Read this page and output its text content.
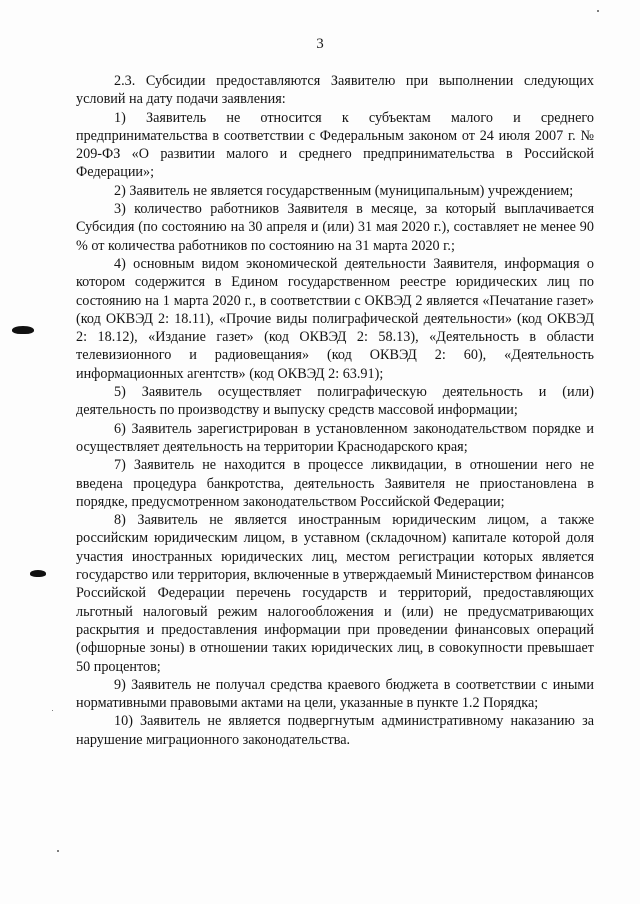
3

2.3. Субсидии предоставляются Заявителю при выполнении следующих условий на дату подачи заявления:

1) Заявитель не относится к субъектам малого и среднего предпринимательства в соответствии с Федеральным законом от 24 июля 2007 г. № 209-ФЗ «О развитии малого и среднего предпринимательства в Российской Федерации»;

2) Заявитель не является государственным (муниципальным) учреждением;

3) количество работников Заявителя в месяце, за который выплачивается Субсидия (по состоянию на 30 апреля и (или) 31 мая 2020 г.), составляет не менее 90 % от количества работников по состоянию на 31 марта 2020 г.;

4) основным видом экономической деятельности Заявителя, информация о котором содержится в Едином государственном реестре юридических лиц по состоянию на 1 марта 2020 г., в соответствии с ОКВЭД 2 является «Печатание газет» (код ОКВЭД 2: 18.11), «Прочие виды полиграфической деятельности» (код ОКВЭД 2: 18.12), «Издание газет» (код ОКВЭД 2: 58.13), «Деятельность в области телевизионного и радиовещания» (код ОКВЭД 2: 60), «Деятельность информационных агентств» (код ОКВЭД 2: 63.91);

5) Заявитель осуществляет полиграфическую деятельность и (или) деятельность по производству и выпуску средств массовой информации;

6) Заявитель зарегистрирован в установленном законодательством порядке и осуществляет деятельность на территории Краснодарского края;

7) Заявитель не находится в процессе ликвидации, в отношении него не введена процедура банкротства, деятельность Заявителя не приостановлена в порядке, предусмотренном законодательством Российской Федерации;

8) Заявитель не является иностранным юридическим лицом, а также российским юридическим лицом, в уставном (складочном) капитале которой доля участия иностранных юридических лиц, местом регистрации которых является государство или территория, включенные в утверждаемый Министерством финансов Российской Федерации перечень государств и территорий, предоставляющих льготный налоговый режим налогообложения и (или) не предусматривающих раскрытия и предоставления информации при проведении финансовых операций (офшорные зоны) в отношении таких юридических лиц, в совокупности превышает 50 процентов;

9) Заявитель не получал средства краевого бюджета в соответствии с иными нормативными правовыми актами на цели, указанные в пункте 1.2 Порядка;

10) Заявитель не является подвергнутым административному наказанию за нарушение миграционного законодательства.
